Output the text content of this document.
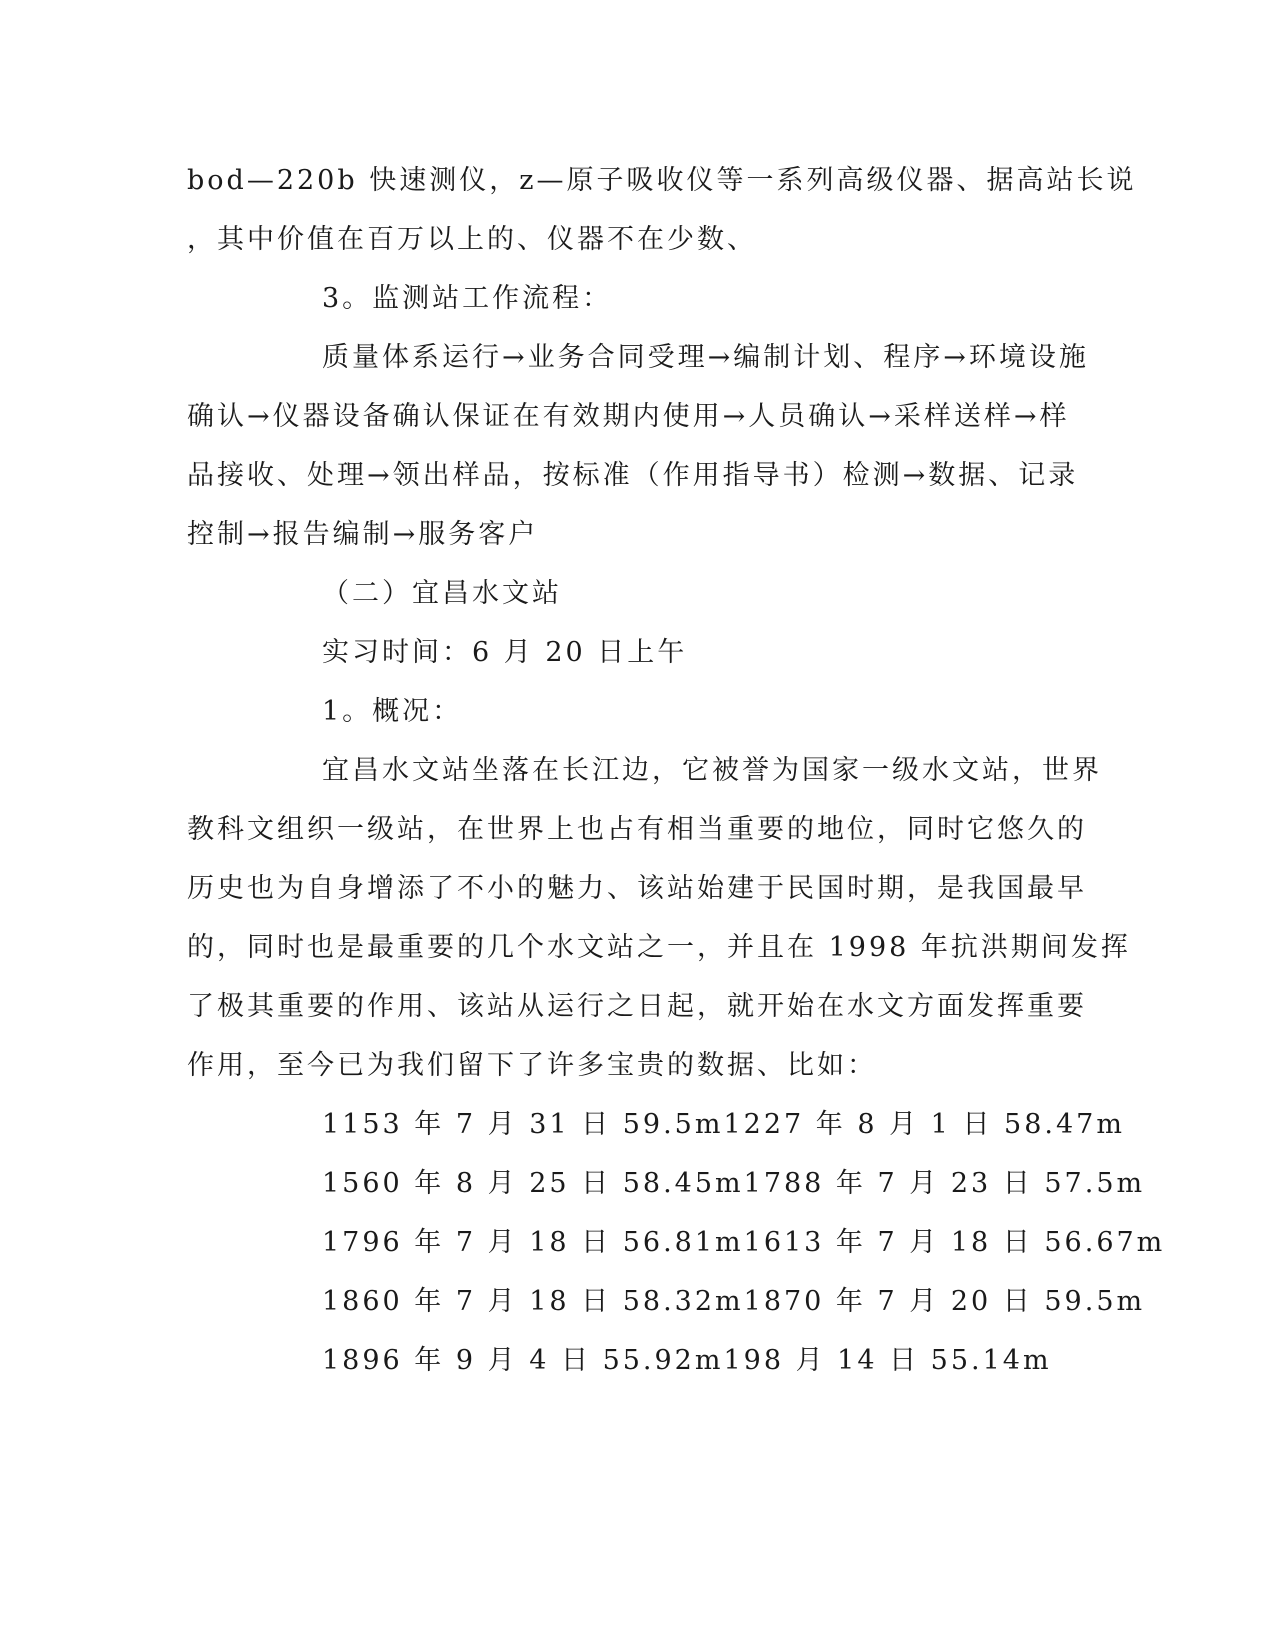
bod—220b 快速测仪，z—原子吸收仪等一系列高级仪器、据高站长说
，其中价值在百万以上的、仪器不在少数、
3。监测站工作流程：
质量体系运行→业务合同受理→编制计划、程序→环境设施
确认→仪器设备确认保证在有效期内使用→人员确认→采样送样→样
品接收、处理→领出样品，按标准（作用指导书）检测→数据、记录
控制→报告编制→服务客户
（二）宜昌水文站
实习时间：6 月 20 日上午
1。概况：
宜昌水文站坐落在长江边，它被誉为国家一级水文站，世界
教科文组织一级站，在世界上也占有相当重要的地位，同时它悠久的
历史也为自身增添了不小的魅力、该站始建于民国时期，是我国最早
的，同时也是最重要的几个水文站之一，并且在 1998 年抗洪期间发挥
了极其重要的作用、该站从运行之日起，就开始在水文方面发挥重要
作用，至今已为我们留下了许多宝贵的数据、比如：
1153 年 7 月 31 日 59.5m1227 年 8 月 1 日 58.47m
1560 年 8 月 25 日 58.45m1788 年 7 月 23 日 57.5m
1796 年 7 月 18 日 56.81m1613 年 7 月 18 日 56.67m
1860 年 7 月 18 日 58.32m1870 年 7 月 20 日 59.5m
1896 年 9 月 4 日 55.92m198 月 14 日 55.14m
